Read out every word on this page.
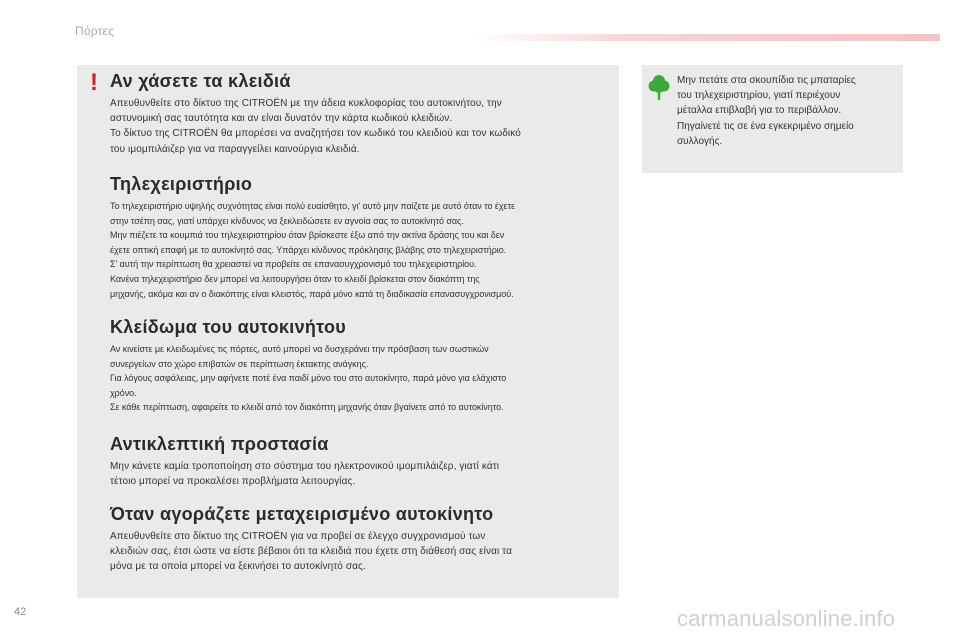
Πόρτες
! Αν χάσετε τα κλειδιά
Απευθυνθείτε στο δίκτυο της CITROËN με την άδεια κυκλοφορίας του αυτοκινήτου, την
αστυνομική σας ταυτότητα και αν είναι δυνατόν την κάρτα κωδικού κλειδιών.
Το δίκτυο της CITROËN θα μπορέσει να αναζητήσει τον κωδικό του κλειδιού και τον κωδικό
του ιμομπιλάιζερ για να παραγγείλει καινούργια κλειδιά.
Τηλεχειριστήριο
Το τηλεχειριστήριο υψηλής συχνότητας είναι πολύ ευαίσθητο, γι' αυτό μην παίζετε με αυτό όταν το έχετε
στην τσέπη σας, γιατί υπάρχει κίνδυνος να ξεκλειδώσετε εν αγνοία σας το αυτοκίνητό σας.
Μην πιέζετε τα κουμπιά του τηλεχειριστηρίου όταν βρίσκεστε έξω από την ακτίνα δράσης του και δεν
έχετε οπτική επαφή με το αυτοκίνητό σας. Υπάρχει κίνδυνος πρόκλησης βλάβης στο τηλεχειριστήριο.
Σ' αυτή την περίπτωση θα χρειαστεί να προβείτε σε επανασυγχρονισμό του τηλεχειριστηρίου.
Κανένα τηλεχειριστήριο δεν μπορεί να λειτουργήσει όταν το κλειδί βρίσκεται στον διακόπτη της
μηχανής, ακόμα και αν ο διακόπτης είναι κλειστός, παρά μόνο κατά τη διαδικασία επανασυγχρονισμού.
Κλείδωμα του αυτοκινήτου
Αν κινείστε με κλειδωμένες τις πόρτες, αυτό μπορεί να δυσχεράνει την πρόσβαση των σωστικών
συνεργείων στο χώρο επιβατών σε περίπτωση έκτακτης ανάγκης.
Για λόγους ασφάλειας, μην αφήνετε ποτέ ένα παιδί μόνο του στο αυτοκίνητο, παρά μόνο για ελάχιστο
χρόνο.
Σε κάθε περίπτωση, αφαιρείτε το κλειδί από τον διακόπτη μηχανής όταν βγαίνετε από το αυτοκίνητο.
Αντικλεπτική προστασία
Μην κάνετε καμία τροποποίηση στο σύστημα του ηλεκτρονικού ιμομπιλάιζερ, γιατί κάτι
τέτοιο μπορεί να προκαλέσει προβλήματα λειτουργίας.
Όταν αγοράζετε μεταχειρισμένο αυτοκίνητο
Απευθυνθείτε στο δίκτυο της CITROËN για να προβεί σε έλεγχο συγχρονισμού των
κλειδιών σας, έτσι ώστε να είστε βέβαιοι ότι τα κλειδιά που έχετε στη διάθεσή σας είναι τα
μόνα με τα οποία μπορεί να ξεκινήσει το αυτοκίνητό σας.
Μην πετάτε στα σκουπίδια τις μπαταρίες
του τηλεχειριστηρίου, γιατί περιέχουν
μέταλλα επιβλαβή για το περιβάλλον.
Πηγαίνετέ τις σε ένα εγκεκριμένο σημείο
συλλογής.
42	carmanualsonline.info
